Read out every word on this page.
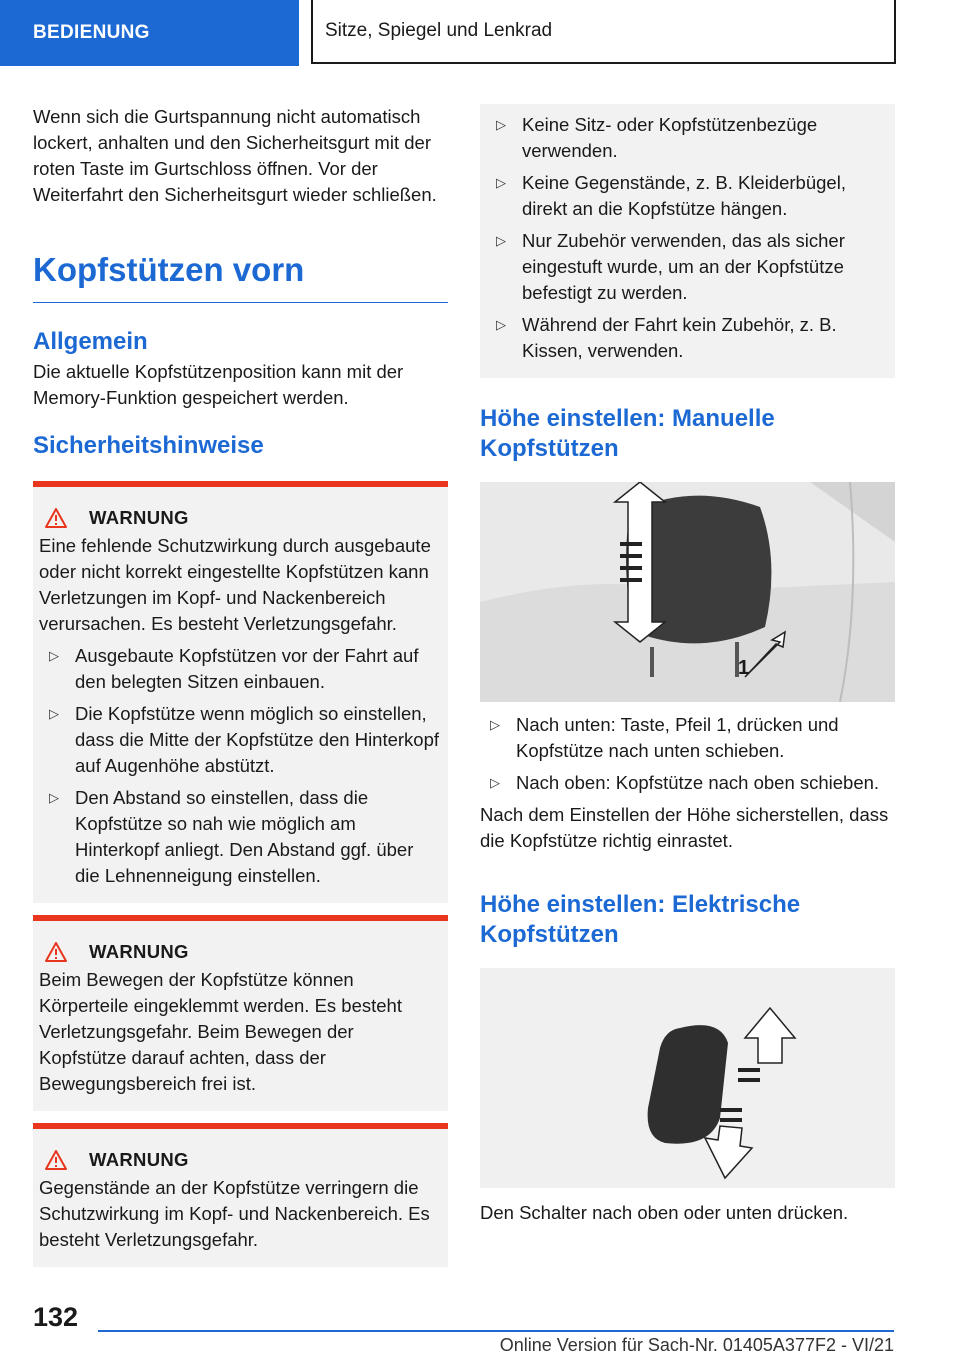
BEDIENUNG	Sitze, Spiegel und Lenkrad

Wenn sich die Gurtspannung nicht automatisch lockert, anhalten und den Sicherheitsgurt mit der roten Taste im Gurtschloss öffnen. Vor der Weiterfahrt den Sicherheitsgurt wieder schließen.

Kopfstützen vorn
Allgemein

Die aktuelle Kopfstützenposition kann mit der Memory-Funktion gespeichert werden.

Sicherheitshinweise
WARNUNG

Eine fehlende Schutzwirkung durch ausgebaute oder nicht korrekt eingestellte Kopfstützen kann Verletzungen im Kopf- und Nackenbereich verursachen. Es besteht Verletzungsgefahr.

▷ Ausgebaute Kopfstützen vor der Fahrt auf den belegten Sitzen einbauen.
▷ Die Kopfstütze wenn möglich so einstellen, dass die Mitte der Kopfstütze den Hinterkopf auf Augenhöhe abstützt.
▷ Den Abstand so einstellen, dass die Kopfstütze so nah wie möglich am Hinterkopf anliegt. Den Abstand ggf. über die Lehnenneigung einstellen.
WARNUNG

Beim Bewegen der Kopfstütze können Körperteile eingeklemmt werden. Es besteht Verletzungsgefahr. Beim Bewegen der Kopfstütze darauf achten, dass der Bewegungsbereich frei ist.

WARNUNG

Gegenstände an der Kopfstütze verringern die Schutzwirkung im Kopf- und Nackenbereich. Es besteht Verletzungsgefahr.

▷ Keine Sitz- oder Kopfstützenbezüge verwenden.
▷ Keine Gegenstände, z. B. Kleiderbügel, direkt an die Kopfstütze hängen.
▷ Nur Zubehör verwenden, das als sicher eingestuft wurde, um an der Kopfstütze befestigt zu werden.
▷ Während der Fahrt kein Zubehör, z. B. Kissen, verwenden.
Höhe einstellen: Manuelle Kopfstützen
1
▷ Nach unten: Taste, Pfeil 1, drücken und Kopfstütze nach unten schieben.
▷ Nach oben: Kopfstütze nach oben schieben.

Nach dem Einstellen der Höhe sicherstellen, dass die Kopfstütze richtig einrastet.

Höhe einstellen: Elektrische Kopfstützen

Den Schalter nach oben oder unten drücken.

132
Online Version für Sach-Nr. 01405A377F2 - VI/21
